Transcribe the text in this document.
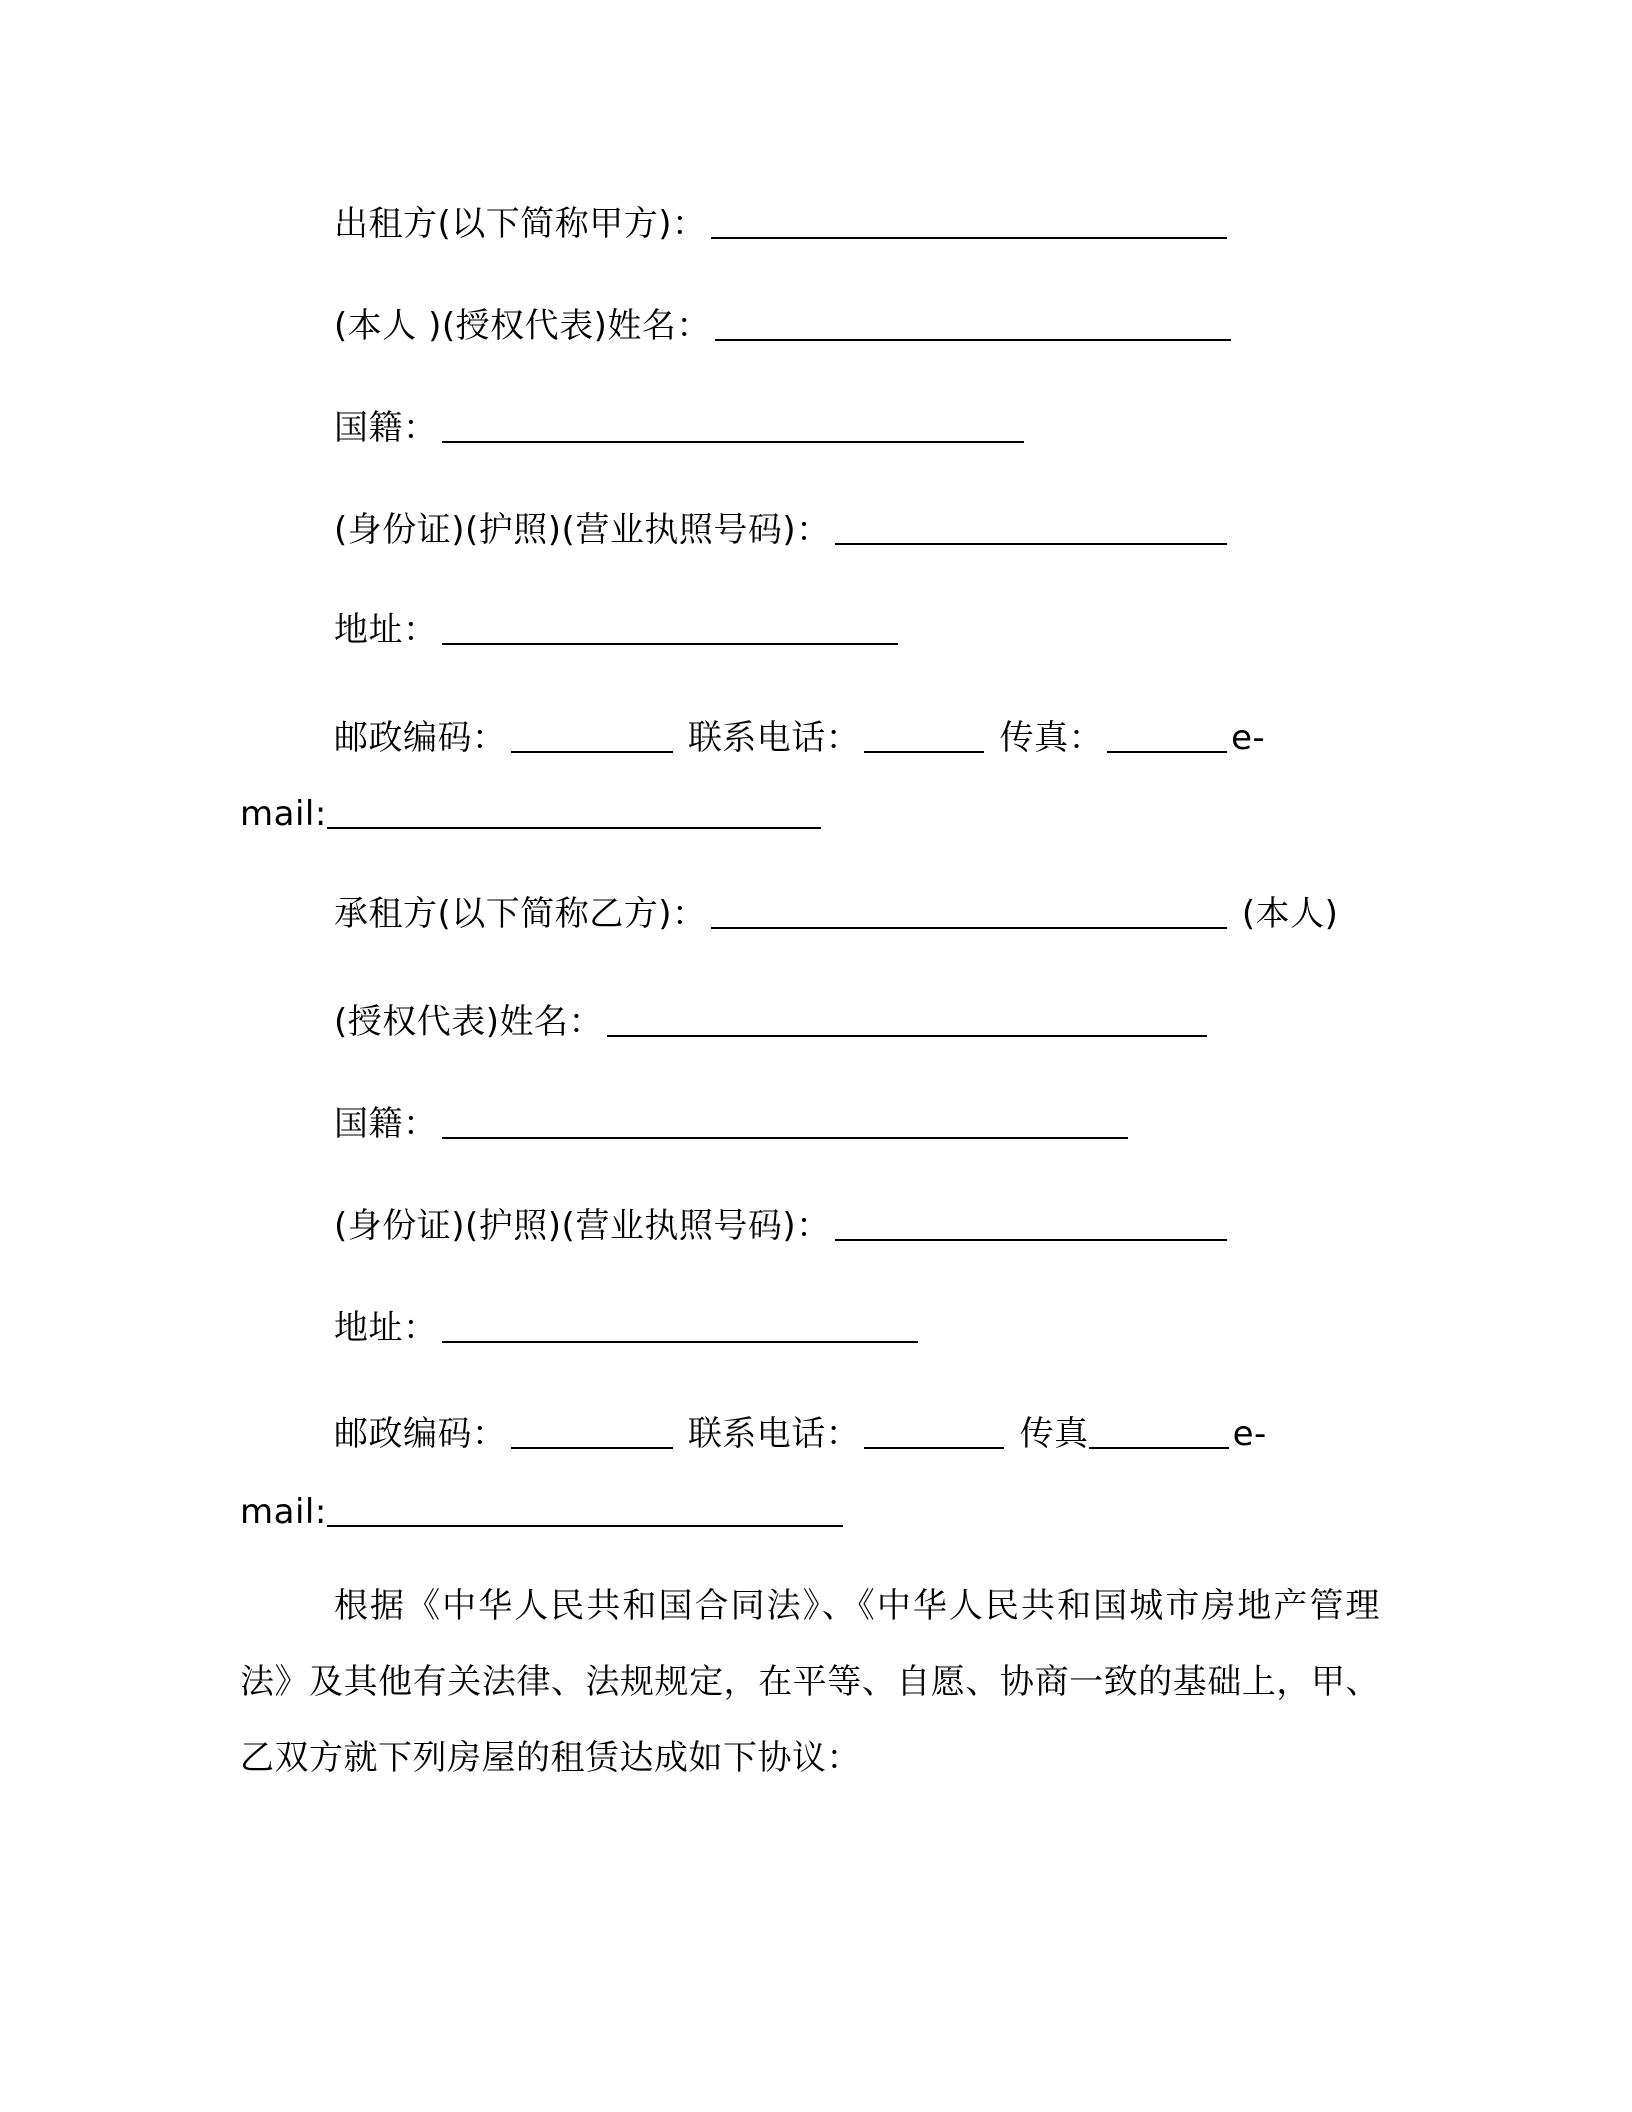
出租方(以下简称甲方)：
(本人 )(授权代表)姓名：
国籍：
(身份证)(护照)(营业执照号码)：
地址：
邮政编码：	联系电话：	传真：	e-
mail:
承租方(以下简称乙方)：	(本人)
(授权代表)姓名：
国籍：
(身份证)(护照)(营业执照号码)：
地址：
邮政编码：	联系电话：	传真	e-
mail:
根据《中华人民共和国合同法》、《中华人民共和国城市房地产管理法》及其他有关法律、法规规定，在平等、自愿、协商一致的基础上，甲、乙双方就下列房屋的租赁达成如下协议：
